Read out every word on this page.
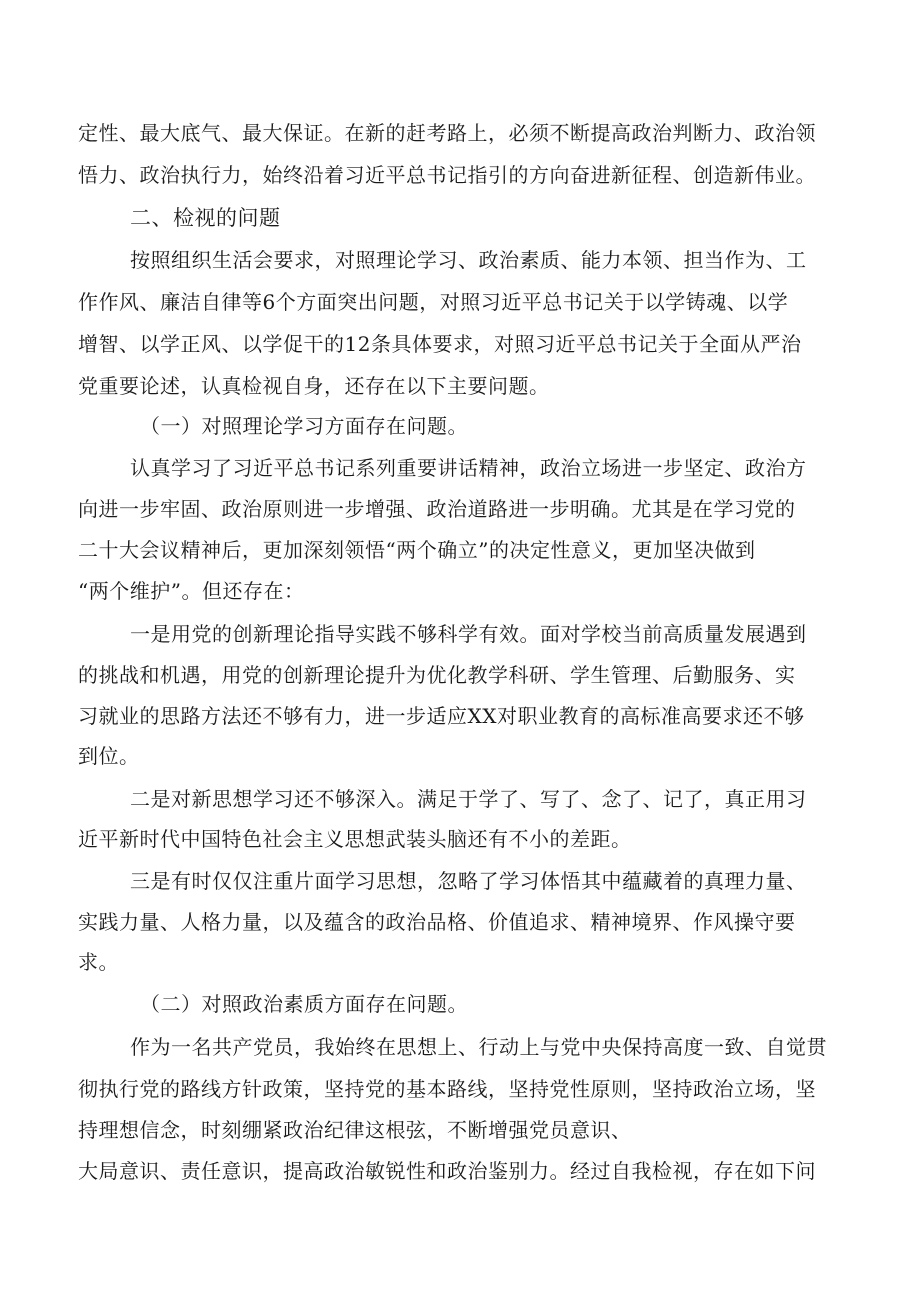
定性、最大底气、最大保证。在新的赶考路上，必须不断提高政治判断力、政治领
悟力、政治执行力，始终沿着习近平总书记指引的方向奋进新征程、创造新伟业。
二、检视的问题
按照组织生活会要求，对照理论学习、政治素质、能力本领、担当作为、工
作作风、廉洁自律等6个方面突出问题，对照习近平总书记关于以学铸魂、以学
增智、以学正风、以学促干的12条具体要求，对照习近平总书记关于全面从严治
党重要论述，认真检视自身，还存在以下主要问题。
（一）对照理论学习方面存在问题。
认真学习了习近平总书记系列重要讲话精神，政治立场进一步坚定、政治方
向进一步牢固、政治原则进一步增强、政治道路进一步明确。尤其是在学习党的
二十大会议精神后，更加深刻领悟“两个确立”的决定性意义，更加坚决做到
“两个维护”。但还存在：
一是用党的创新理论指导实践不够科学有效。面对学校当前高质量发展遇到
的挑战和机遇，用党的创新理论提升为优化教学科研、学生管理、后勤服务、实
习就业的思路方法还不够有力，进一步适应XX对职业教育的高标准高要求还不够
到位。
二是对新思想学习还不够深入。满足于学了、写了、念了、记了，真正用习
近平新时代中国特色社会主义思想武装头脑还有不小的差距。
三是有时仅仅注重片面学习思想，忽略了学习体悟其中蕴藏着的真理力量、
实践力量、人格力量，以及蕴含的政治品格、价值追求、精神境界、作风操守要
求。
（二）对照政治素质方面存在问题。
作为一名共产党员，我始终在思想上、行动上与党中央保持高度一致、自觉贯
彻执行党的路线方针政策，坚持党的基本路线，坚持党性原则，坚持政治立场，坚
持理想信念，时刻绷紧政治纪律这根弦，不断增强党员意识、
大局意识、责任意识，提高政治敏锐性和政治鉴别力。经过自我检视，存在如下问
